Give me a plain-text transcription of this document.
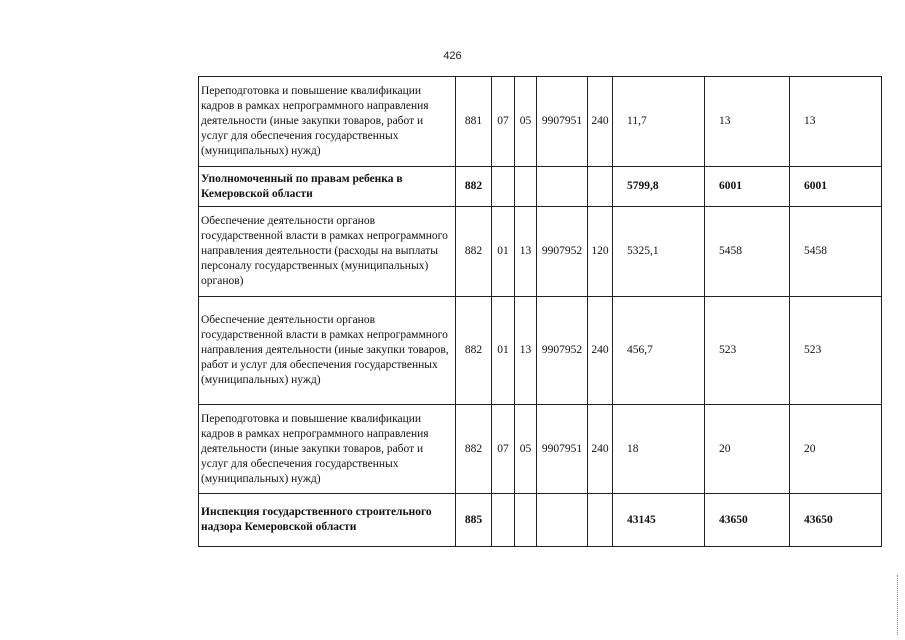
426
Переподготовка и повышение квалификации кадров в рамках непрограммного направления деятельности (иные закупки товаров, работ и услуг для обеспечения государственных (муниципальных) нужд)	881	07	05	9907951	240	11,7	13	13
Уполномоченный по правам ребенка в Кемеровской области	882					5799,8	6001	6001
Обеспечение деятельности органов государственной власти в рамках непрограммного направления деятельности (расходы на выплаты персоналу государственных (муниципальных) органов)	882	01	13	9907952	120	5325,1	5458	5458
Обеспечение деятельности органов государственной власти в рамках непрограммного направления деятельности (иные закупки товаров, работ и услуг для обеспечения государственных (муниципальных) нужд)	882	01	13	9907952	240	456,7	523	523
Переподготовка и повышение квалификации кадров в рамках непрограммного направления деятельности (иные закупки товаров, работ и услуг для обеспечения государственных (муниципальных) нужд)	882	07	05	9907951	240	18	20	20
Инспекция государственного строительного надзора Кемеровской области	885					43145	43650	43650
